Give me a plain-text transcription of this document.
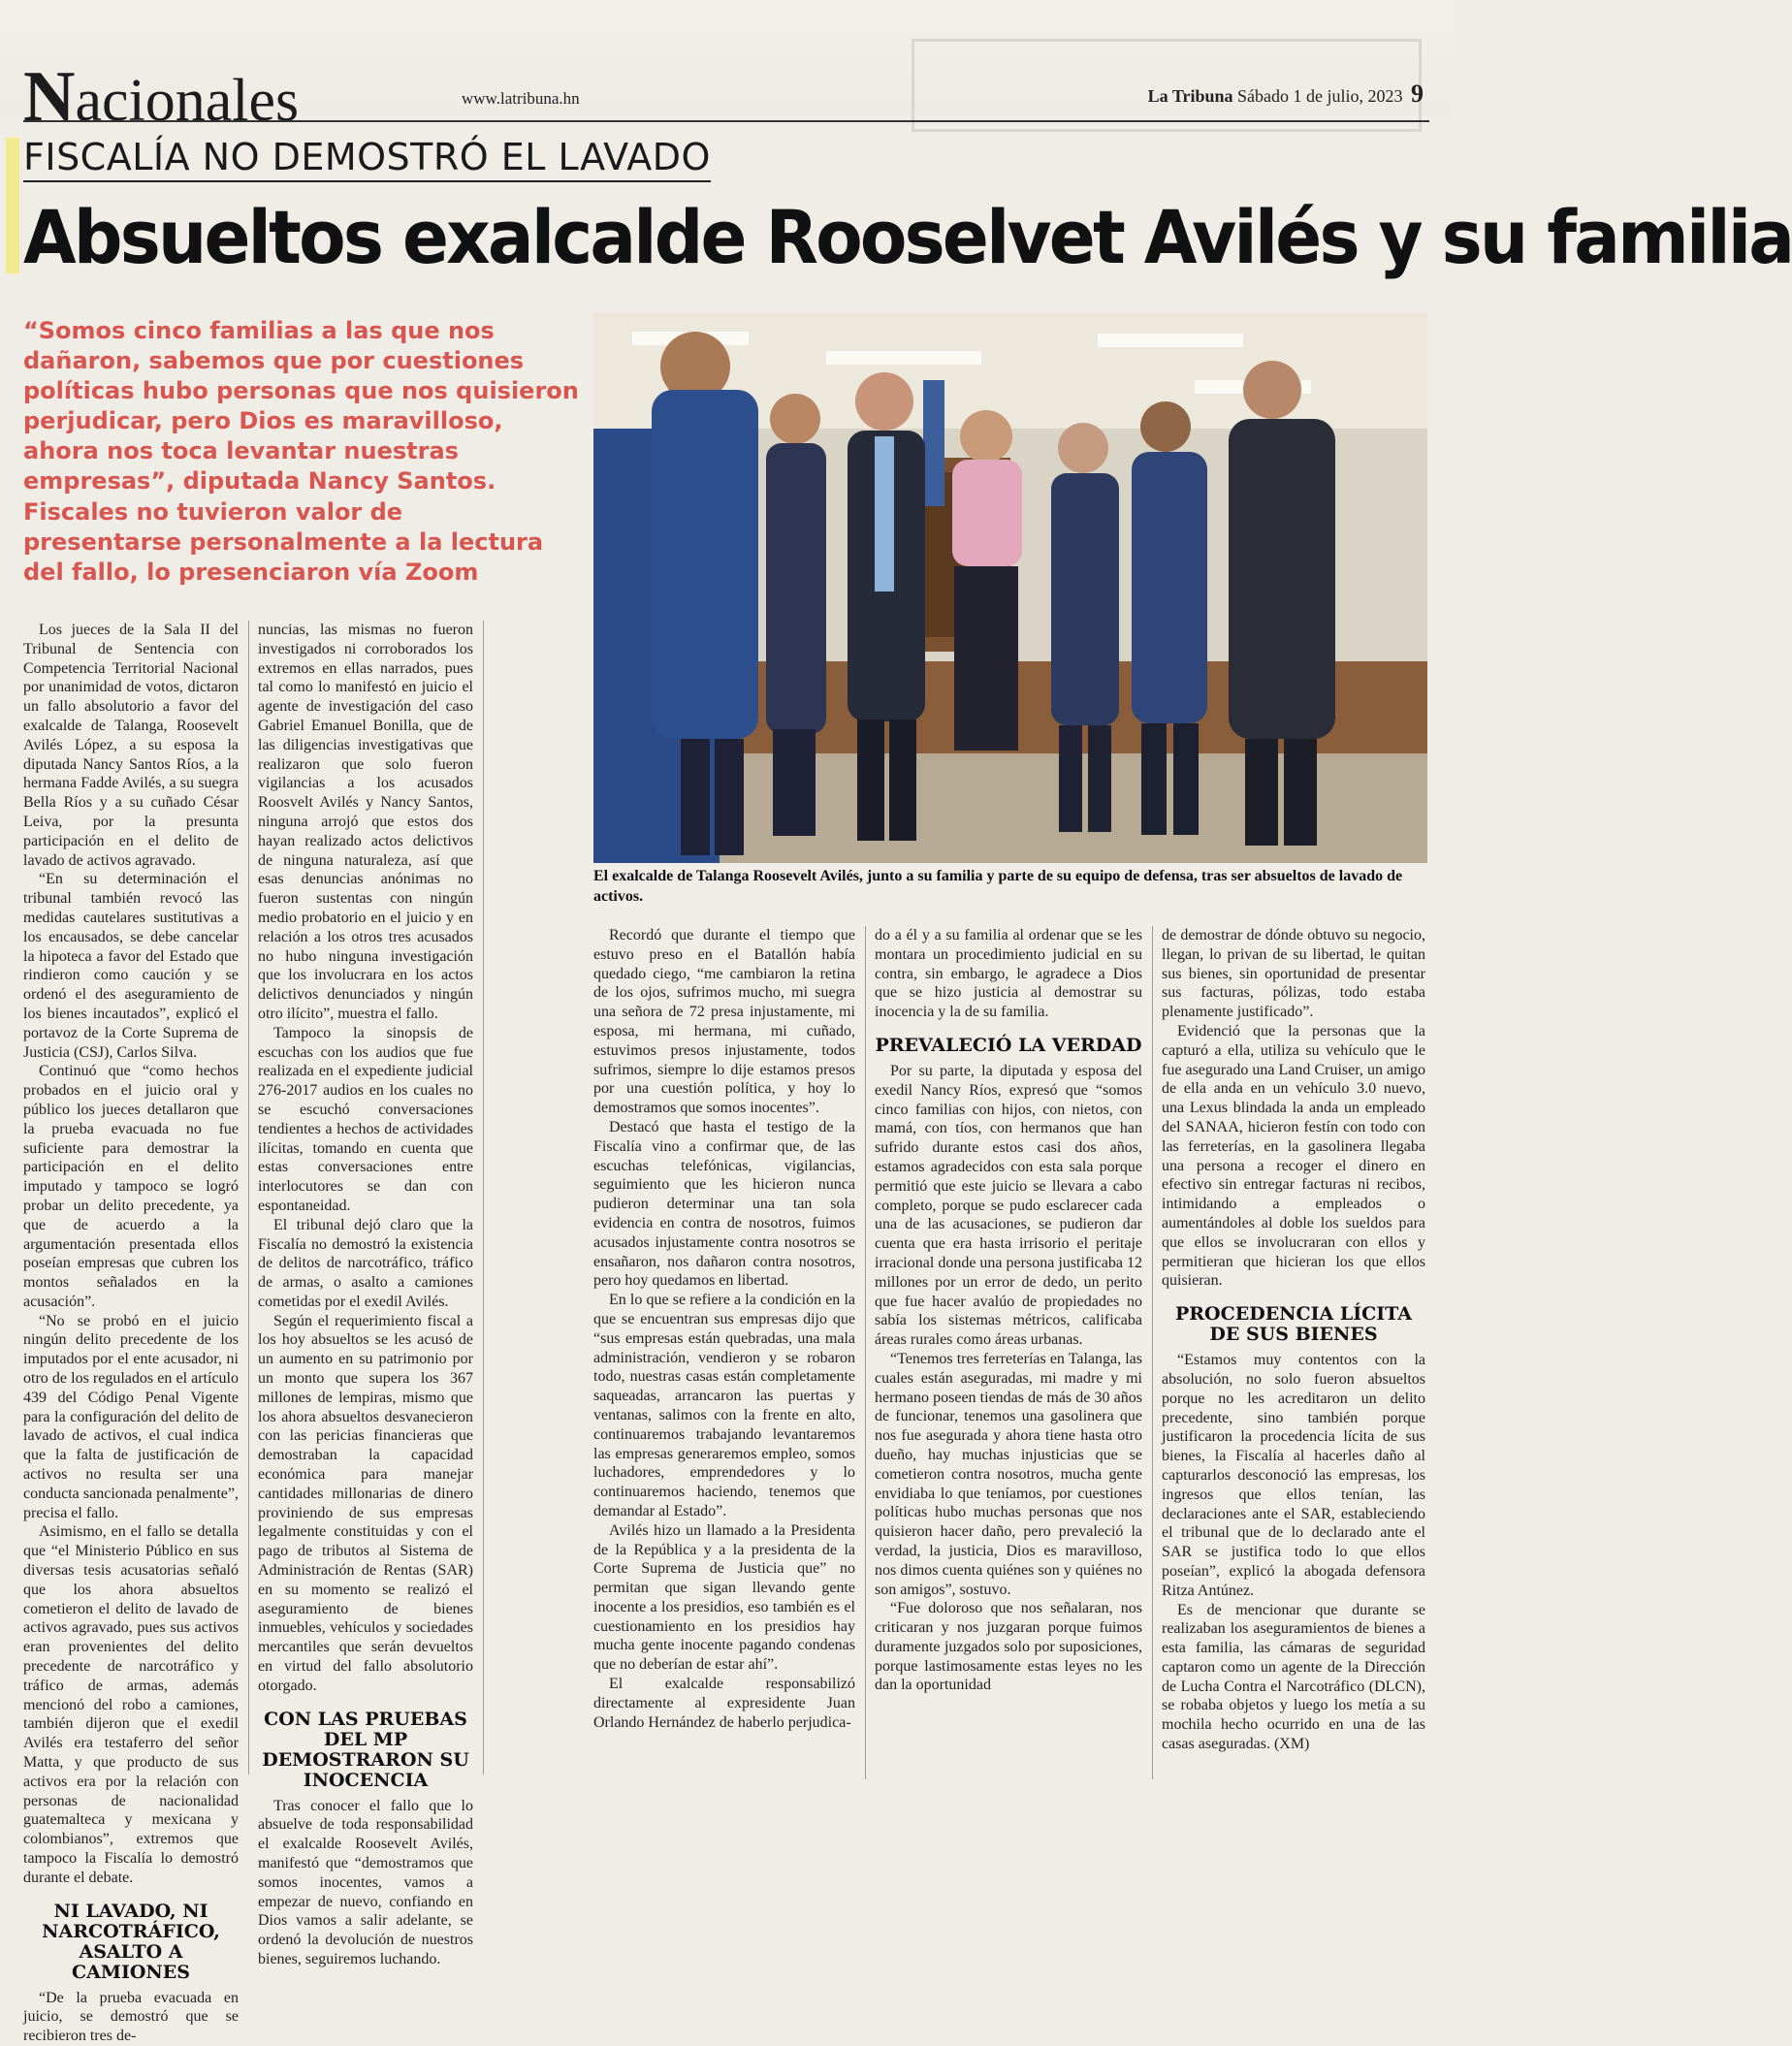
Nacionales	www.latribuna.hn	La Tribuna Sábado 1 de julio, 2023 9
FISCALÍA NO DEMOSTRÓ EL LAVADO
Absueltos exalcalde Rooselvet Avilés y su familia
“Somos cinco familias a las que nos dañaron, sabemos que por cuestiones políticas hubo personas que nos quisieron perjudicar, pero Dios es maravilloso, ahora nos toca levantar nuestras empresas”, diputada Nancy Santos.
Fiscales no tuvieron valor de presentarse personalmente a la lectura del fallo, lo presenciaron vía Zoom
El exalcalde de Talanga Roosevelt Avilés, junto a su familia y parte de su equipo de defensa, tras ser absueltos de lavado de activos.

Los jueces de la Sala II del Tribunal de Sentencia con Competencia Territorial Nacional por unanimidad de votos, dictaron un fallo absolutorio a favor del exalcalde de Talanga, Roosevelt Avilés López, a su esposa la diputada Nancy Santos Ríos, a la hermana Fadde Avilés, a su suegra Bella Ríos y a su cuñado César Leiva, por la presunta participación en el delito de lavado de activos agravado.

“En su determinación el tribunal también revocó las medidas cautelares sustitutivas a los encausados, se debe cancelar la hipoteca a favor del Estado que rindieron como caución y se ordenó el des aseguramiento de los bienes incautados”, explicó el portavoz de la Corte Suprema de Justicia (CSJ), Carlos Silva.

Continuó que “como hechos probados en el juicio oral y público los jueces detallaron que la prueba evacuada no fue suficiente para demostrar la participación en el delito imputado y tampoco se logró probar un delito precedente, ya que de acuerdo a la argumentación presentada ellos poseían empresas que cubren los montos señalados en la acusación”.

“No se probó en el juicio ningún delito precedente de los imputados por el ente acusador, ni otro de los regulados en el artículo 439 del Código Penal Vigente para la configuración del delito de lavado de activos, el cual indica que la falta de justificación de activos no resulta ser una conducta sancionada penalmente”, precisa el fallo.

Asimismo, en el fallo se detalla que “el Ministerio Público en sus diversas tesis acusatorias señaló que los ahora absueltos cometieron el delito de lavado de activos agravado, pues sus activos eran provenientes del delito precedente de narcotráfico y tráfico de armas, además mencionó del robo a camiones, también dijeron que el exedil Avilés era testaferro del señor Matta, y que producto de sus activos era por la relación con personas de nacionalidad guatemalteca y mexicana y colombianos”, extremos que tampoco la Fiscalía lo demostró durante el debate.

NI LAVADO, NI NARCOTRÁFICO, ASALTO A CAMIONES

“De la prueba evacuada en juicio, se demostró que se recibieron tres de-

nuncias, las mismas no fueron investigados ni corroborados los extremos en ellas narrados, pues tal como lo manifestó en juicio el agente de investigación del caso Gabriel Emanuel Bonilla, que de las diligencias investigativas que realizaron que solo fueron vigilancias a los acusados Roosvelt Avilés y Nancy Santos, ninguna arrojó que estos dos hayan realizado actos delictivos de ninguna naturaleza, así que esas denuncias anónimas no fueron sustentas con ningún medio probatorio en el juicio y en relación a los otros tres acusados no hubo ninguna investigación que los involucrara en los actos delictivos denunciados y ningún otro ilícito”, muestra el fallo.

Tampoco la sinopsis de escuchas con los audios que fue realizada en el expediente judicial 276-2017 audios en los cuales no se escuchó conversaciones tendientes a hechos de actividades ilícitas, tomando en cuenta que estas conversaciones entre interlocutores se dan con espontaneidad.

El tribunal dejó claro que la Fiscalía no demostró la existencia de delitos de narcotráfico, tráfico de armas, o asalto a camiones cometidas por el exedil Avilés.

Según el requerimiento fiscal a los hoy absueltos se les acusó de un aumento en su patrimonio por un monto que supera los 367 millones de lempiras, mismo que los ahora absueltos desvanecieron con las pericias financieras que demostraban la capacidad económica para manejar cantidades millonarias de dinero proviniendo de sus empresas legalmente constituidas y con el pago de tributos al Sistema de Administración de Rentas (SAR) en su momento se realizó el aseguramiento de bienes inmuebles, vehículos y sociedades mercantiles que serán devueltos en virtud del fallo absolutorio otorgado.

CON LAS PRUEBAS DEL MP DEMOSTRARON SU INOCENCIA

Tras conocer el fallo que lo absuelve de toda responsabilidad el exalcalde Roosevelt Avilés, manifestó que “demostramos que somos inocentes, vamos a empezar de nuevo, confiando en Dios vamos a salir adelante, se ordenó la devolución de nuestros bienes, seguiremos luchando.

Recordó que durante el tiempo que estuvo preso en el Batallón había quedado ciego, “me cambiaron la retina de los ojos, sufrimos mucho, mi suegra una señora de 72 presa injustamente, mi esposa, mi hermana, mi cuñado, estuvimos presos injustamente, todos sufrimos, siempre lo dije estamos presos por una cuestión política, y hoy lo demostramos que somos inocentes”.

Destacó que hasta el testigo de la Fiscalía vino a confirmar que, de las escuchas telefónicas, vigilancias, seguimiento que les hicieron nunca pudieron determinar una tan sola evidencia en contra de nosotros, fuimos acusados injustamente contra nosotros se ensañaron, nos dañaron contra nosotros, pero hoy quedamos en libertad.

En lo que se refiere a la condición en la que se encuentran sus empresas dijo que “sus empresas están quebradas, una mala administración, vendieron y se robaron todo, nuestras casas están completamente saqueadas, arrancaron las puertas y ventanas, salimos con la frente en alto, continuaremos trabajando levantaremos las empresas generaremos empleo, somos luchadores, emprendedores y lo continuaremos haciendo, tenemos que demandar al Estado”.

Avilés hizo un llamado a la Presidenta de la República y a la presidenta de la Corte Suprema de Justicia que” no permitan que sigan llevando gente inocente a los presidios, eso también es el cuestionamiento en los presidios hay mucha gente inocente pagando condenas que no deberían de estar ahí”.

El exalcalde responsabilizó directamente al expresidente Juan Orlando Hernández de haberlo perjudica-

do a él y a su familia al ordenar que se les montara un procedimiento judicial en su contra, sin embargo, le agradece a Dios que se hizo justicia al demostrar su inocencia y la de su familia.

PREVALECIÓ LA VERDAD

Por su parte, la diputada y esposa del exedil Nancy Ríos, expresó que “somos cinco familias con hijos, con nietos, con mamá, con tíos, con hermanos que han sufrido durante estos casi dos años, estamos agradecidos con esta sala porque permitió que este juicio se llevara a cabo completo, porque se pudo esclarecer cada una de las acusaciones, se pudieron dar cuenta que era hasta irrisorio el peritaje irracional donde una persona justificaba 12 millones por un error de dedo, un perito que fue hacer avalúo de propiedades no sabía los sistemas métricos, calificaba áreas rurales como áreas urbanas.

“Tenemos tres ferreterías en Talanga, las cuales están aseguradas, mi madre y mi hermano poseen tiendas de más de 30 años de funcionar, tenemos una gasolinera que nos fue asegurada y ahora tiene hasta otro dueño, hay muchas injusticias que se cometieron contra nosotros, mucha gente envidiaba lo que teníamos, por cuestiones políticas hubo muchas personas que nos quisieron hacer daño, pero prevaleció la verdad, la justicia, Dios es maravilloso, nos dimos cuenta quiénes son y quiénes no son amigos”, sostuvo.

“Fue doloroso que nos señalaran, nos criticaran y nos juzgaran porque fuimos duramente juzgados solo por suposiciones, porque lastimosamente estas leyes no les dan la oportunidad

de demostrar de dónde obtuvo su negocio, llegan, lo privan de su libertad, le quitan sus bienes, sin oportunidad de presentar sus facturas, pólizas, todo estaba plenamente justificado”.

Evidenció que la personas que la capturó a ella, utiliza su vehículo que le fue asegurado una Land Cruiser, un amigo de ella anda en un vehículo 3.0 nuevo, una Lexus blindada la anda un empleado del SANAA, hicieron festín con todo con las ferreterías, en la gasolinera llegaba una persona a recoger el dinero en efectivo sin entregar facturas ni recibos, intimidando a empleados o aumentándoles al doble los sueldos para que ellos se involucraran con ellos y permitieran que hicieran los que ellos quisieran.

PROCEDENCIA LÍCITA DE SUS BIENES

“Estamos muy contentos con la absolución, no solo fueron absueltos porque no les acreditaron un delito precedente, sino también porque justificaron la procedencia lícita de sus bienes, la Fiscalía al hacerles daño al capturarlos desconoció las empresas, los ingresos que ellos tenían, las declaraciones ante el SAR, estableciendo el tribunal que de lo declarado ante el SAR se justifica todo lo que ellos poseían”, explicó la abogada defensora Ritza Antúnez.

Es de mencionar que durante se realizaban los aseguramientos de bienes a esta familia, las cámaras de seguridad captaron como un agente de la Dirección de Lucha Contra el Narcotráfico (DLCN), se robaba objetos y luego los metía a su mochila hecho ocurrido en una de las casas aseguradas. (XM)
